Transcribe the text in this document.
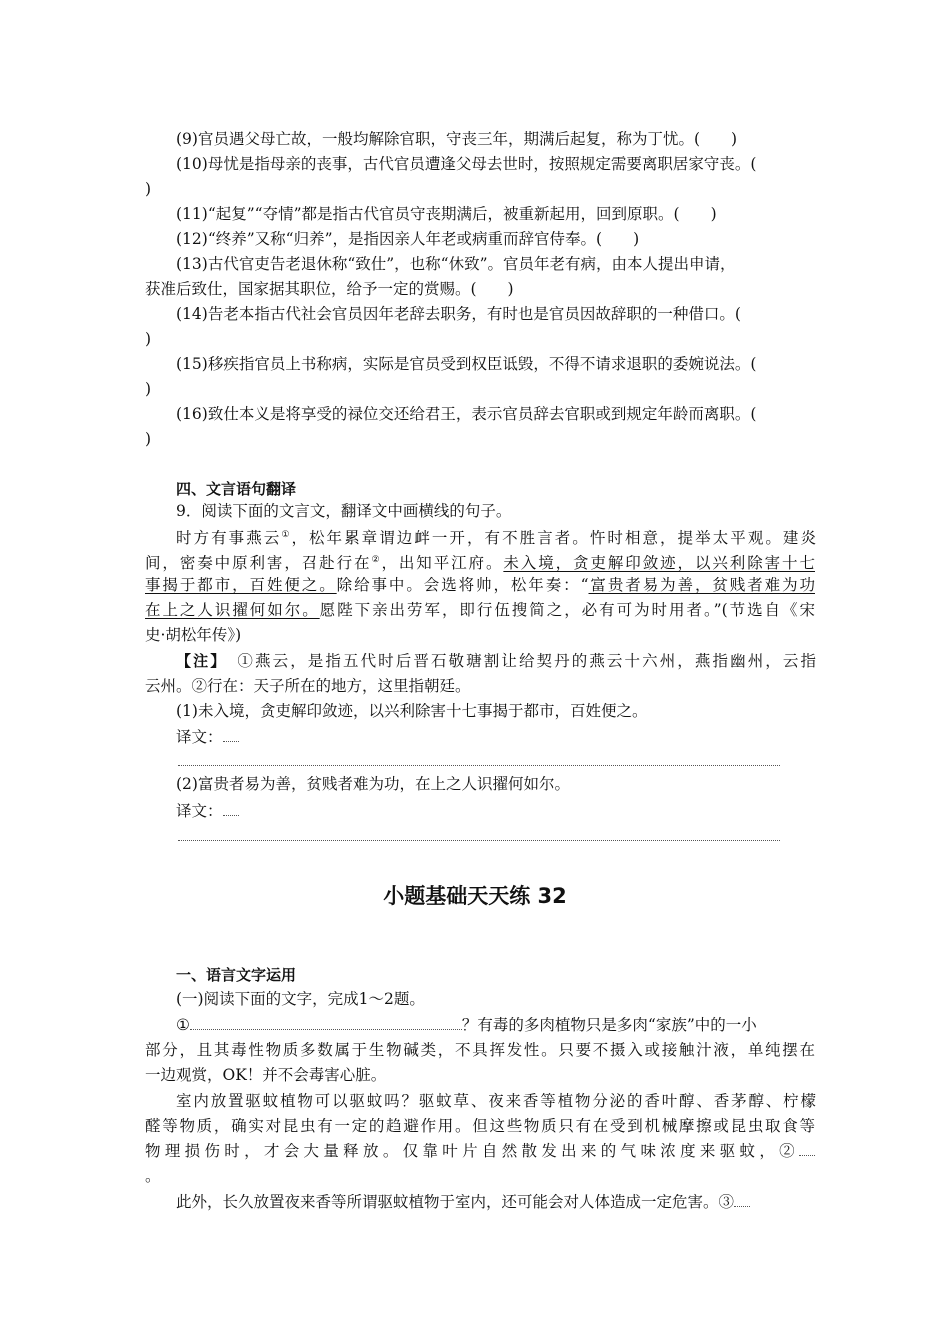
(9)官员遇父母亡故，一般均解除官职，守丧三年，期满后起复，称为丁忧。(　　)
(10)母忧是指母亲的丧事，古代官员遭逢父母去世时，按照规定需要离职居家守丧。(
)
(11)“起复”“夺情”都是指古代官员守丧期满后，被重新起用，回到原职。(　　)
(12)“终养”又称“归养”，是指因亲人年老或病重而辞官侍奉。(　　)
(13)古代官吏告老退休称“致仕”，也称“休致”。官员年老有病，由本人提出申请，
获准后致仕，国家据其职位，给予一定的赏赐。(　　)
(14)告老本指古代社会官员因年老辞去职务，有时也是官员因故辞职的一种借口。(
)
(15)移疾指官员上书称病，实际是官员受到权臣诋毁，不得不请求退职的委婉说法。(
)
(16)致仕本义是将享受的禄位交还给君王，表示官员辞去官职或到规定年龄而离职。(
)
四、文言语句翻译
9．阅读下面的文言文，翻译文中画横线的句子。
时方有事燕云①，松年累章谓边衅一开，有不胜言者。忤时相意，提举太平观。建炎
间，密奏中原利害，召赴行在②，出知平江府。未入境，贪吏解印敛迹，以兴利除害十七
事揭于都市，百姓便之。除给事中。会选将帅，松年奏：“富贵者易为善，贫贱者难为功
在上之人识擢何如尔。愿陛下亲出劳军，即行伍搜简之，必有可为时用者。”(节选自《宋
史·胡松年传》)
【注】　 ①燕云，是指五代时后晋石敬瑭割让给契丹的燕云十六州，燕指幽州，云指
云州。②行在：天子所在的地方，这里指朝廷。
(1)未入境，贪吏解印敛迹，以兴利除害十七事揭于都市，百姓便之。
译文：
(2)富贵者易为善，贫贱者难为功，在上之人识擢何如尔。
译文：
小题基础天天练 32
一、语言文字运用
(一)阅读下面的文字，完成1～2题。
①	？有毒的多肉植物只是多肉“家族”中的一小
部分，且其毒性物质多数属于生物碱类，不具挥发性。只要不摄入或接触汁液，单纯摆在
一边观赏，OK！并不会毒害心脏。
室内放置驱蚊植物可以驱蚊吗？驱蚊草、夜来香等植物分泌的香叶醇、香茅醇、柠檬
醛等物质，确实对昆虫有一定的趋避作用。但这些物质只有在受到机械摩擦或昆虫取食等
物理损伤时，才会大量释放。仅靠叶片自然散发出来的气味浓度来驱蚊，②
。
此外，长久放置夜来香等所谓驱蚊植物于室内，还可能会对人体造成一定危害。③
